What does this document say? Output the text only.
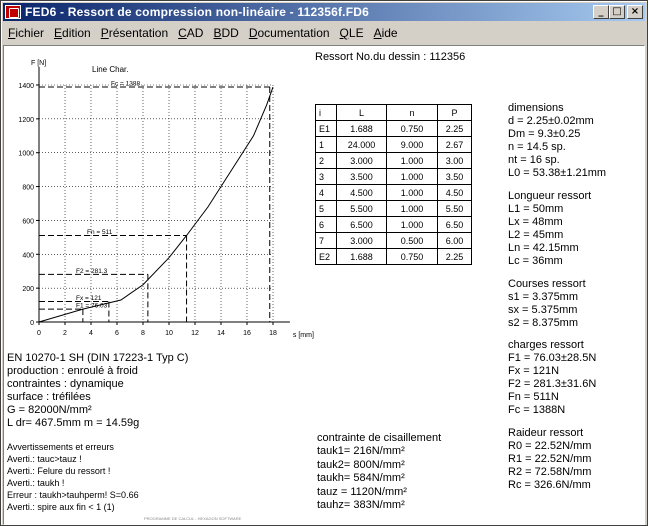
FED6 - Ressort de compression non-linéaire - 112356f.FD6	_ □ ×
Fichier Edition Présentation CAD BDD Documentation QLE Aide
Ressort No.du dessin : 112356
0
200
400
600
800
1000
1200
1400
0	2	4	6	8	10	12	14	16	18
F [N]
s [mm]
Line Char.
Fc = 1388
Fn = 511
F2 = 281.3
Fx = 121
F1 = 76.03
i	L	n	P
E1	1.688	0.750	2.25
1	24.000	9.000	2.67
2	3.000	1.000	3.00
3	3.500	1.000	3.50
4	4.500	1.000	4.50
5	5.500	1.000	5.50
6	6.500	1.000	6.50
7	3.000	0.500	6.00
E2	1.688	0.750	2.25
dimensions
d = 2.25±0.02mm
Dm = 9.3±0.25
n = 14.5 sp.
nt = 16 sp.
L0 = 53.38±1.21mm
Longueur ressort
L1 = 50mm
Lx = 48mm
L2 = 45mm
Ln = 42.15mm
Lc = 36mm
Courses ressort
s1 = 3.375mm
sx = 5.375mm
s2 = 8.375mm
charges ressort
F1 = 76.03±28.5N
Fx = 121N
F2 = 281.3±31.6N
Fn = 511N
Fc = 1388N
Raideur ressort
R0 = 22.52N/mm
R1 = 22.52N/mm
R2 = 72.58N/mm
Rc = 326.6N/mm
EN 10270-1 SH (DIN 17223-1 Typ C)
production : enroulé à froid
contraintes : dynamique
surface : tréfilées
G = 82000N/mm²
L dr= 467.5mm m = 14.59g
Avvertissements et erreurs
Averti.: tauc>tauz !
Averti.: Felure du ressort !
Averti.: taukh !
Erreur : taukh>tauhperm! S=0.66
Averti.: spire aux fin < 1 (1)
PROGRAMME DE CALCUL - HEXAGON SOFTWARE
contrainte de cisaillement
tauk1= 216N/mm²
tauk2= 800N/mm²
taukh= 584N/mm²
tauz = 1120N/mm²
tauhz= 383N/mm²
